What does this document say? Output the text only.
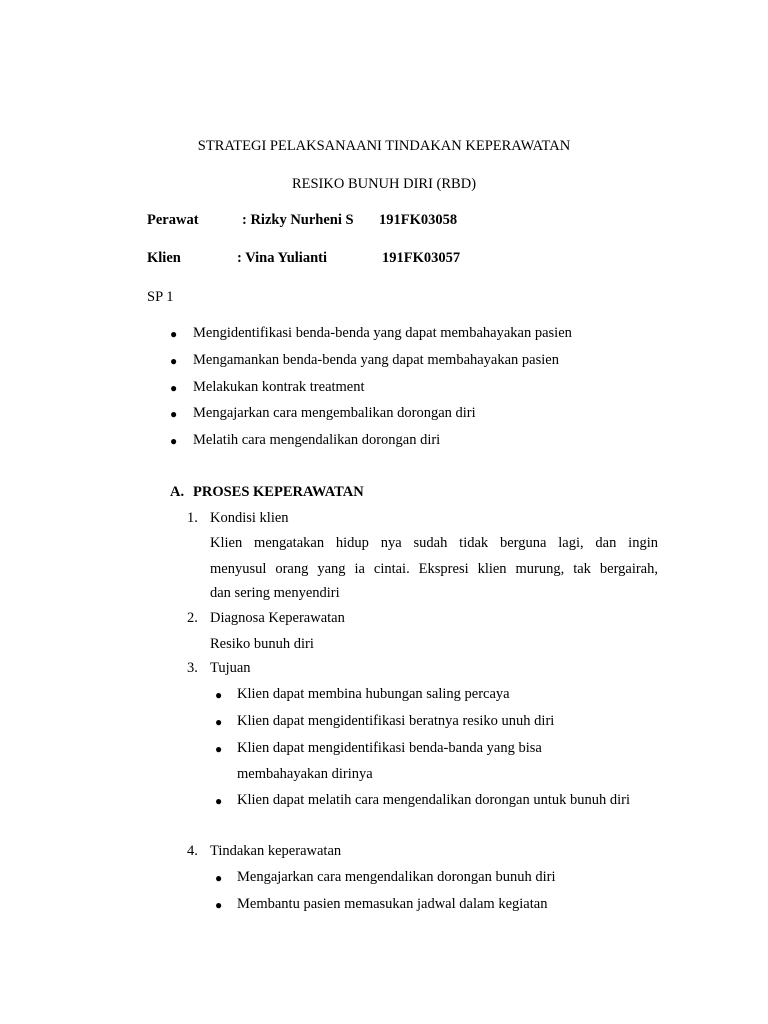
STRATEGI PELAKSANAANI TINDAKAN KEPERAWATAN
RESIKO BUNUH DIRI (RBD)
Perawat	: Rizky Nurheni S 191FK03058
Klien	: Vina Yulianti	191FK03057
SP 1
● Mengidentifikasi benda-benda yang dapat membahayakan pasien
● Mengamankan benda-benda yang dapat membahayakan pasien
● Melakukan kontrak treatment
● Mengajarkan cara mengembalikan dorongan diri
● Melatih cara mengendalikan dorongan diri
A. PROSES KEPERAWATAN
1. Kondisi klien
Klien mengatakan hidup nya sudah tidak berguna lagi, dan ingin
menyusul orang yang ia cintai. Ekspresi klien murung, tak bergairah,
dan sering menyendiri
2. Diagnosa Keperawatan
Resiko bunuh diri
3. Tujuan
● Klien dapat membina hubungan saling percaya
● Klien dapat mengidentifikasi beratnya resiko unuh diri
● Klien dapat mengidentifikasi benda-banda yang bisa
membahayakan dirinya
● Klien dapat melatih cara mengendalikan dorongan untuk bunuh diri
4. Tindakan keperawatan
● Mengajarkan cara mengendalikan dorongan bunuh diri
● Membantu pasien memasukan jadwal dalam kegiatan
